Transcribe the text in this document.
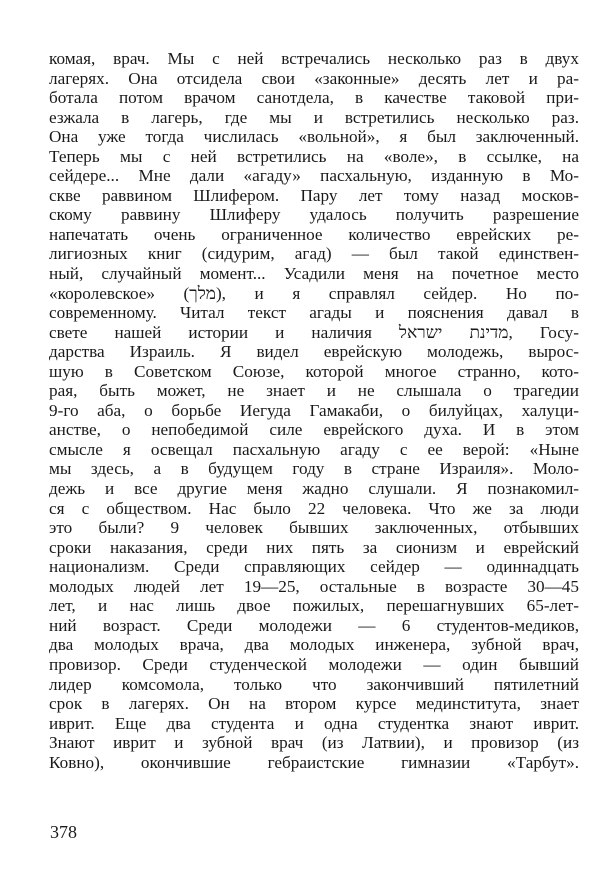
комая, врач. Мы с ней встречались несколько раз в двух
лагерях. Она отсидела свои «законные» десять лет и ра-
ботала потом врачом санотдела, в качестве таковой при-
езжала в лагерь, где мы и встретились несколько раз.
Она уже тогда числилась «вольной», я был заключенный.
Теперь мы с ней встретились на «воле», в ссылке, на
сейдере... Мне дали «агаду» пасхальную, изданную в Мо-
скве раввином Шлифером. Пару лет тому назад москов-
скому раввину Шлиферу удалось получить разрешение
напечатать очень ограниченное количество еврейских ре-
лигиозных книг (сидурим, агад) — был такой единствен-
ный, случайный момент... Усадили меня на почетное место
«королевское» (מלך), и я справлял сейдер. Но по-
современному. Читал текст агады и пояснения давал в
свете нашей истории и наличия מדינת ישראל, Госу-
дарства Израиль. Я видел еврейскую молодежь, вырос-
шую в Советском Союзе, которой многое странно, кото-
рая, быть может, не знает и не слышала о трагедии
9-го аба, о борьбе Иегуда Гамакаби, о билуйцах, халуци-
анстве, о непобедимой силе еврейского духа. И в этом
смысле я освещал пасхальную агаду с ее верой: «Ныне
мы здесь, а в будущем году в стране Израиля». Моло-
дежь и все другие меня жадно слушали. Я познакомил-
ся с обществом. Нас было 22 человека. Что же за люди
это были? 9 человек бывших заключенных, отбывших
сроки наказания, среди них пять за сионизм и еврейский
национализм. Среди справляющих сейдер — одиннадцать
молодых людей лет 19—25, остальные в возрасте 30—45
лет, и нас лишь двое пожилых, перешагнувших 65-лет-
ний возраст. Среди молодежи — 6 студентов-медиков,
два молодых врача, два молодых инженера, зубной врач,
провизор. Среди студенческой молодежи — один бывший
лидер комсомола, только что закончивший пятилетний
срок в лагерях. Он на втором курсе мединститута, знает
иврит. Еще два студента и одна студентка знают иврит.
Знают иврит и зубной врач (из Латвии), и провизор (из
Ковно), окончившие гебраистские гимназии «Тарбут».
378
